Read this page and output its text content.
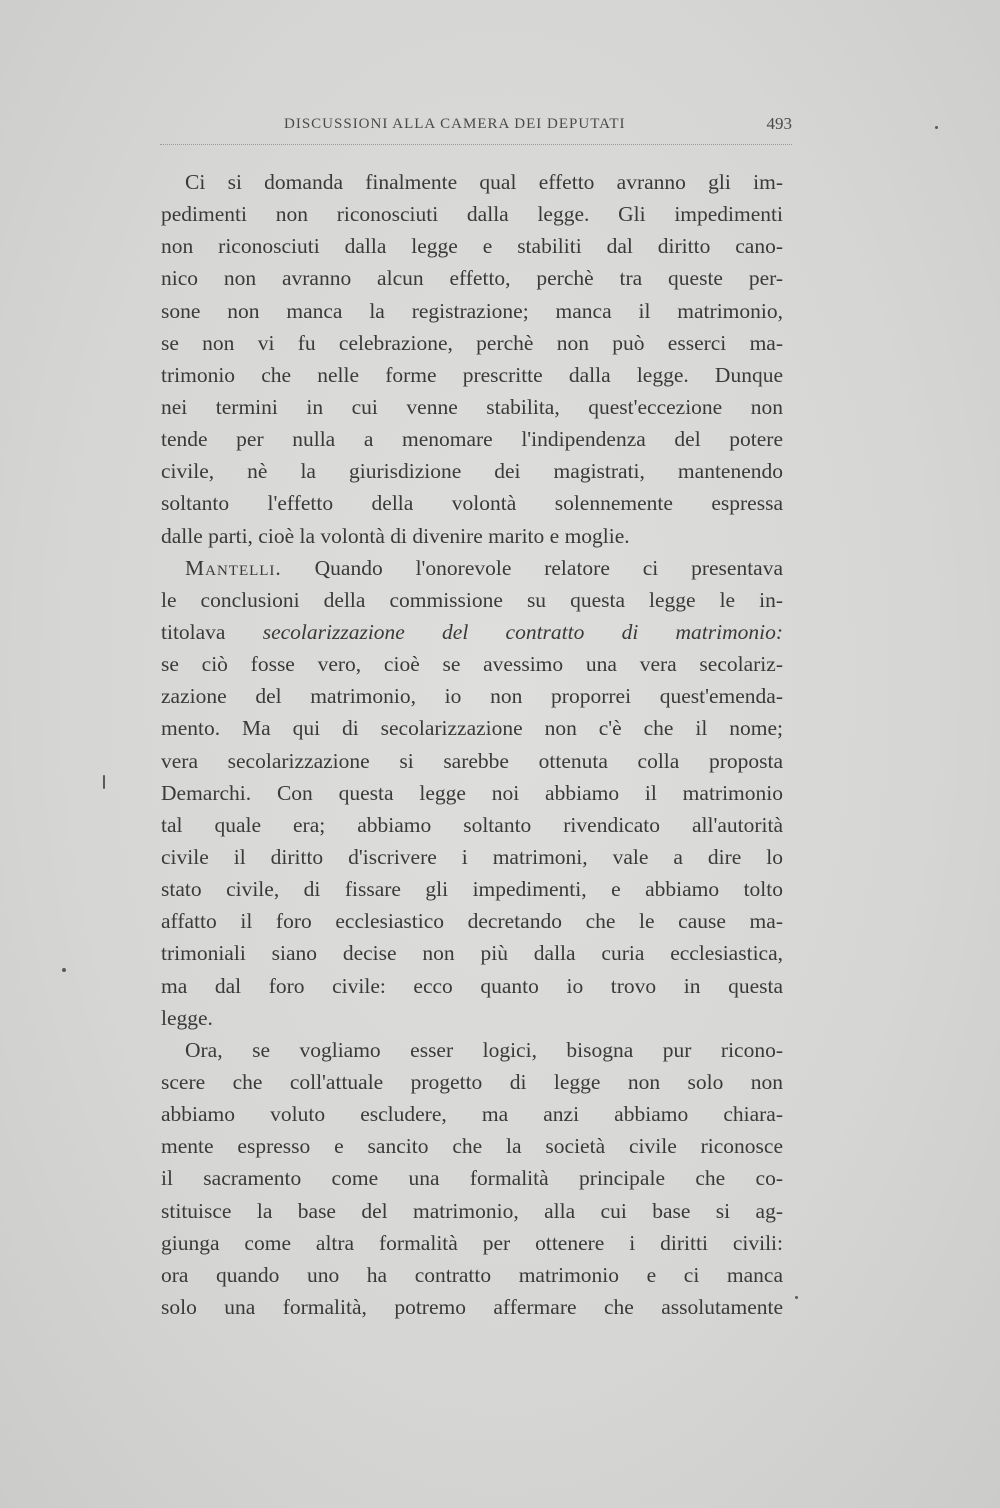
DISCUSSIONI ALLA CAMERA DEI DEPUTATI	493
Ci si domanda finalmente qual effetto avranno gli im-
pedimenti non riconosciuti dalla legge. Gli impedimenti
non riconosciuti dalla legge e stabiliti dal diritto cano-
nico non avranno alcun effetto, perchè tra queste per-
sone non manca la registrazione; manca il matrimonio,
se non vi fu celebrazione, perchè non può esserci ma-
trimonio che nelle forme prescritte dalla legge. Dunque
nei termini in cui venne stabilita, quest'eccezione non
tende per nulla a menomare l'indipendenza del potere
civile, nè la giurisdizione dei magistrati, mantenendo
soltanto l'effetto della volontà solennemente espressa
dalle parti, cioè la volontà di divenire marito e moglie.
Mantelli. Quando l'onorevole relatore ci presentava
le conclusioni della commissione su questa legge le in-
titolava secolarizzazione del contratto di matrimonio:
se ciò fosse vero, cioè se avessimo una vera secolariz-
zazione del matrimonio, io non proporrei quest'emenda-
mento. Ma qui di secolarizzazione non c'è che il nome;
vera secolarizzazione si sarebbe ottenuta colla proposta
Demarchi. Con questa legge noi abbiamo il matrimonio
tal quale era; abbiamo soltanto rivendicato all'autorità
civile il diritto d'iscrivere i matrimoni, vale a dire lo
stato civile, di fissare gli impedimenti, e abbiamo tolto
affatto il foro ecclesiastico decretando che le cause ma-
trimoniali siano decise non più dalla curia ecclesiastica,
ma dal foro civile: ecco quanto io trovo in questa
legge.
Ora, se vogliamo esser logici, bisogna pur ricono-
scere che coll'attuale progetto di legge non solo non
abbiamo voluto escludere, ma anzi abbiamo chiara-
mente espresso e sancito che la società civile riconosce
il sacramento come una formalità principale che co-
stituisce la base del matrimonio, alla cui base si ag-
giunga come altra formalità per ottenere i diritti civili:
ora quando uno ha contratto matrimonio e ci manca
solo una formalità, potremo affermare che assolutamente
